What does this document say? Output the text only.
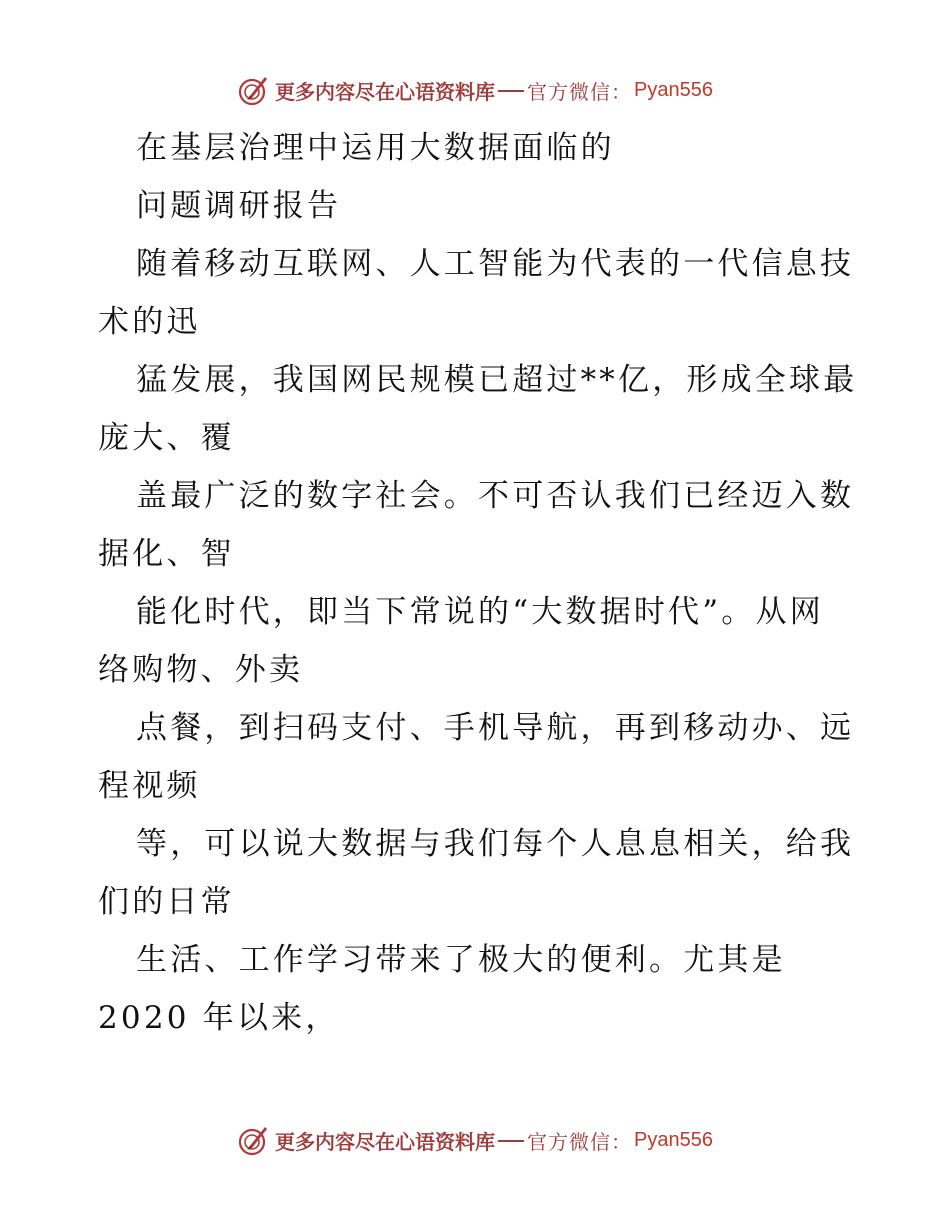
更多内容尽在心语资料库 官方微信： Pyan556
在基层治理中运用大数据面临的
问题调研报告
随着移动互联网、人工智能为代表的一代信息技
术的迅
猛发展，我国网民规模已超过**亿，形成全球最
庞大、覆
盖最广泛的数字社会。不可否认我们已经迈入数
据化、智
能化时代，即当下常说的“大数据时代”。从网
络购物、外卖
点餐，到扫码支付、手机导航，再到移动办、远
程视频
等，可以说大数据与我们每个人息息相关，给我
们的日常
生活、工作学习带来了极大的便利。尤其是
2020 年以来，
更多内容尽在心语资料库 官方微信： Pyan556
